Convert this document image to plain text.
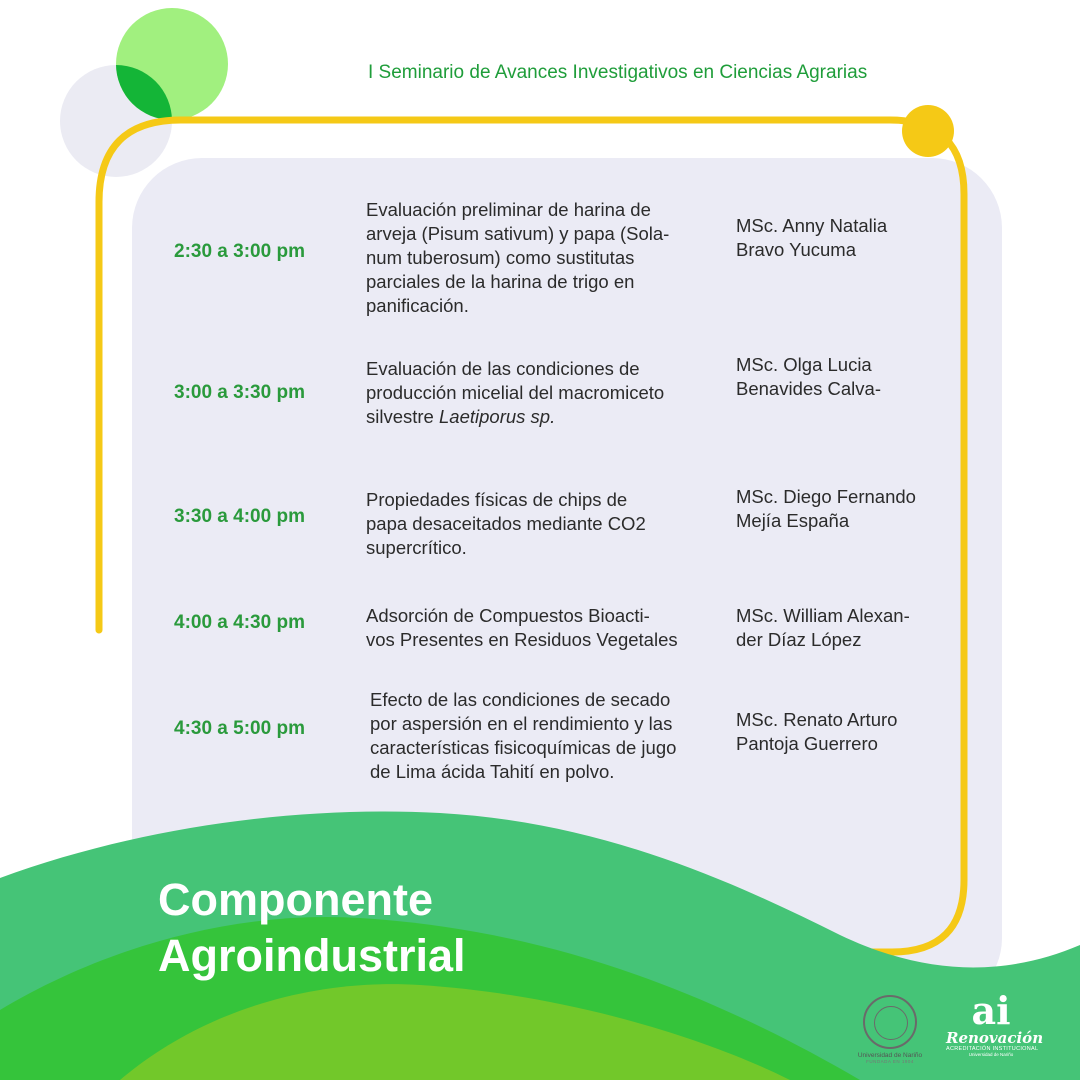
I Seminario de Avances Investigativos en Ciencias Agrarias
2:30 a 3:00 pm
Evaluación preliminar de harina de
arveja (Pisum sativum) y papa (Sola-
num tuberosum) como sustitutas
parciales de la harina de trigo en
panificación.
MSc. Anny Natalia
Bravo Yucuma
3:00 a 3:30 pm
Evaluación de las condiciones de
producción micelial del macromiceto
silvestre Laetiporus sp.
MSc. Olga Lucia
Benavides Calva-
3:30 a 4:00 pm
Propiedades físicas de chips de
papa desaceitados mediante CO2
supercrítico.
MSc. Diego Fernando
Mejía España
4:00 a 4:30 pm	Adsorción de Compuestos Bioacti-
vos Presentes en Residuos Vegetales
MSc. William Alexan-
der Díaz López
4:30 a 5:00 pm
Efecto de las condiciones de secado
por aspersión en el rendimiento y las
características fisicoquímicas de jugo
de Lima ácida Tahití en polvo.
MSc. Renato Arturo
Pantoja Guerrero
Componente
Agroindustrial
Universidad de Nariño
FUNDADA EN 1904
ai
Renovación
ACREDITACIÓN INSTITUCIONAL
Universidad de Nariño
